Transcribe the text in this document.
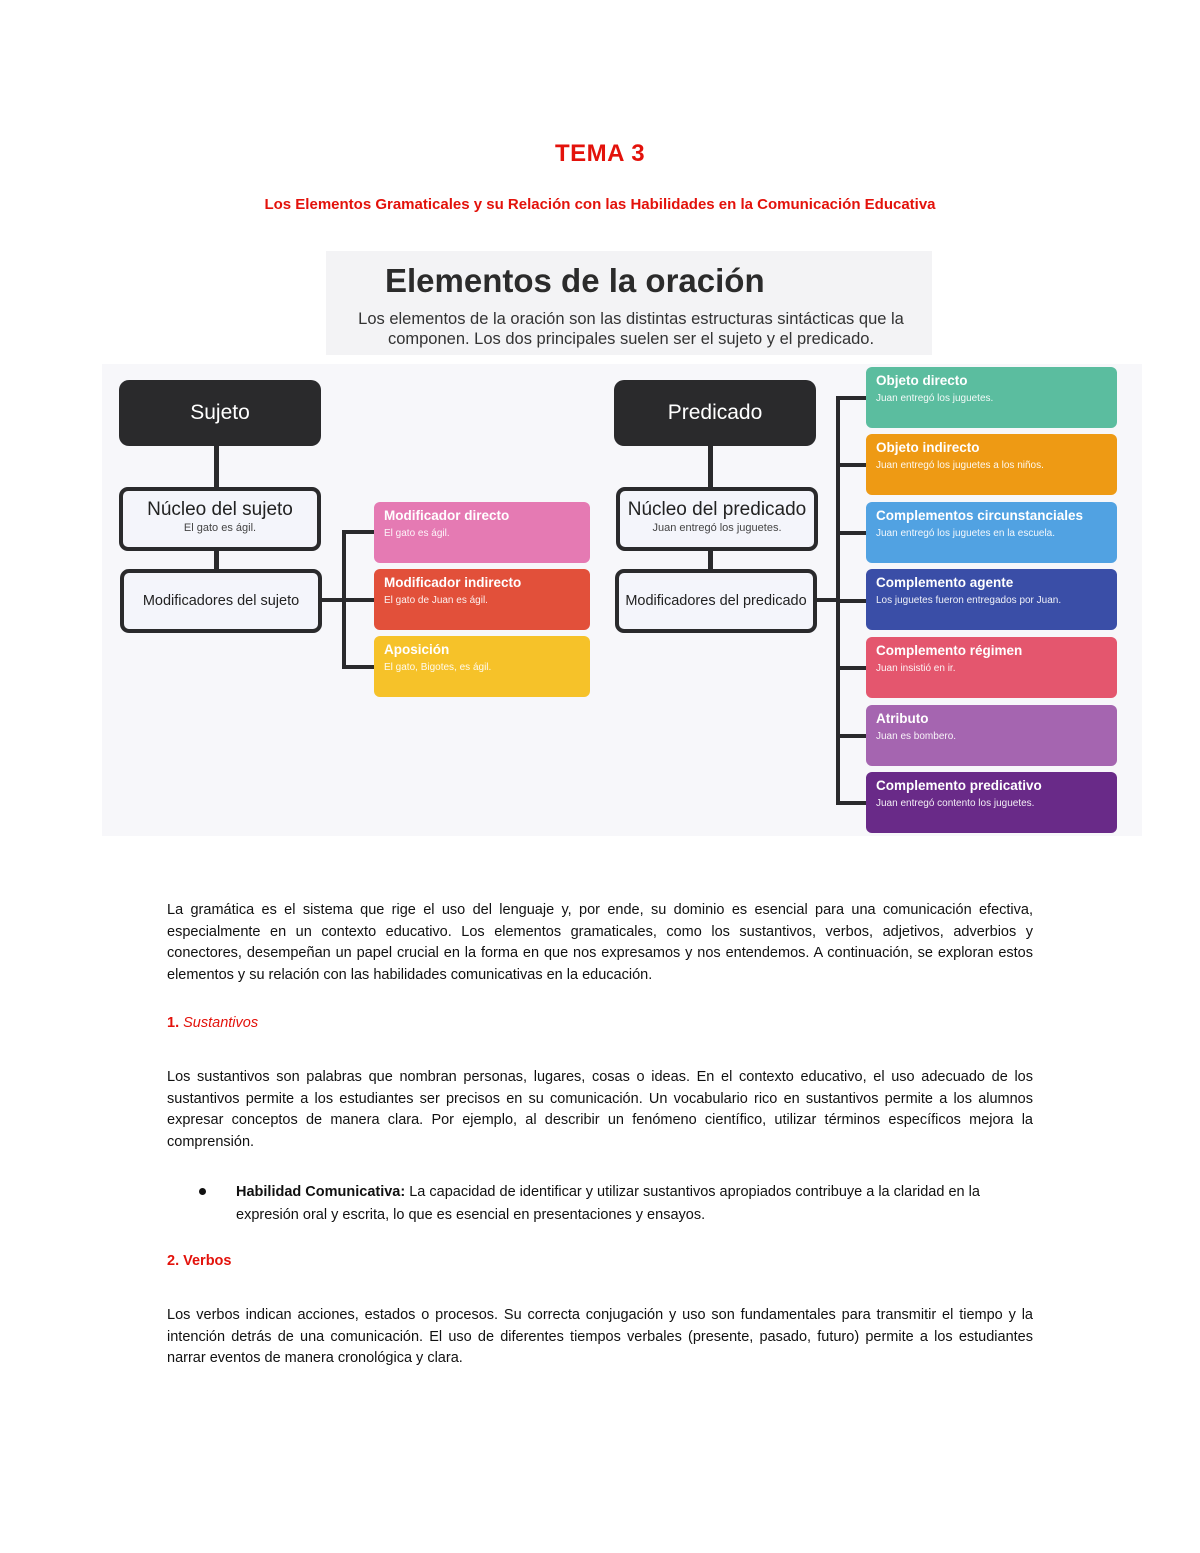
TEMA 3
Los Elementos Gramaticales y su Relación con las Habilidades en la Comunicación Educativa
Elementos de la oración
Los elementos de la oración son las distintas estructuras sintácticas que la componen. Los dos principales suelen ser el sujeto y el predicado.
Sujeto
Núcleo del sujeto
El gato es ágil.
Modificadores del sujeto
Modificador directo
El gato es ágil.
Modificador indirecto
El gato de Juan es ágil.
Aposición
El gato, Bigotes, es ágil.
Predicado
Núcleo del predicado
Juan entregó los juguetes.
Modificadores del predicado
Objeto directo
Juan entregó los juguetes.
Objeto indirecto
Juan entregó los juguetes a los niños.
Complementos circunstanciales
Juan entregó los juguetes en la escuela.
Complemento agente
Los juguetes fueron entregados por Juan.
Complemento régimen
Juan insistió en ir.
Atributo
Juan es bombero.
Complemento predicativo
Juan entregó contento los juguetes.
La gramática es el sistema que rige el uso del lenguaje y, por ende, su dominio es esencial para una comunicación efectiva, especialmente en un contexto educativo. Los elementos gramaticales, como los sustantivos, verbos, adjetivos, adverbios y conectores, desempeñan un papel crucial en la forma en que nos expresamos y nos entendemos. A continuación, se exploran estos elementos y su relación con las habilidades comunicativas en la educación.
1. Sustantivos
Los sustantivos son palabras que nombran personas, lugares, cosas o ideas. En el contexto educativo, el uso adecuado de los sustantivos permite a los estudiantes ser precisos en su comunicación. Un vocabulario rico en sustantivos permite a los alumnos expresar conceptos de manera clara. Por ejemplo, al describir un fenómeno científico, utilizar términos específicos mejora la comprensión.
Habilidad Comunicativa: La capacidad de identificar y utilizar sustantivos apropiados contribuye a la claridad en la expresión oral y escrita, lo que es esencial en presentaciones y ensayos.
2. Verbos
Los verbos indican acciones, estados o procesos. Su correcta conjugación y uso son fundamentales para transmitir el tiempo y la intención detrás de una comunicación. El uso de diferentes tiempos verbales (presente, pasado, futuro) permite a los estudiantes narrar eventos de manera cronológica y clara.
